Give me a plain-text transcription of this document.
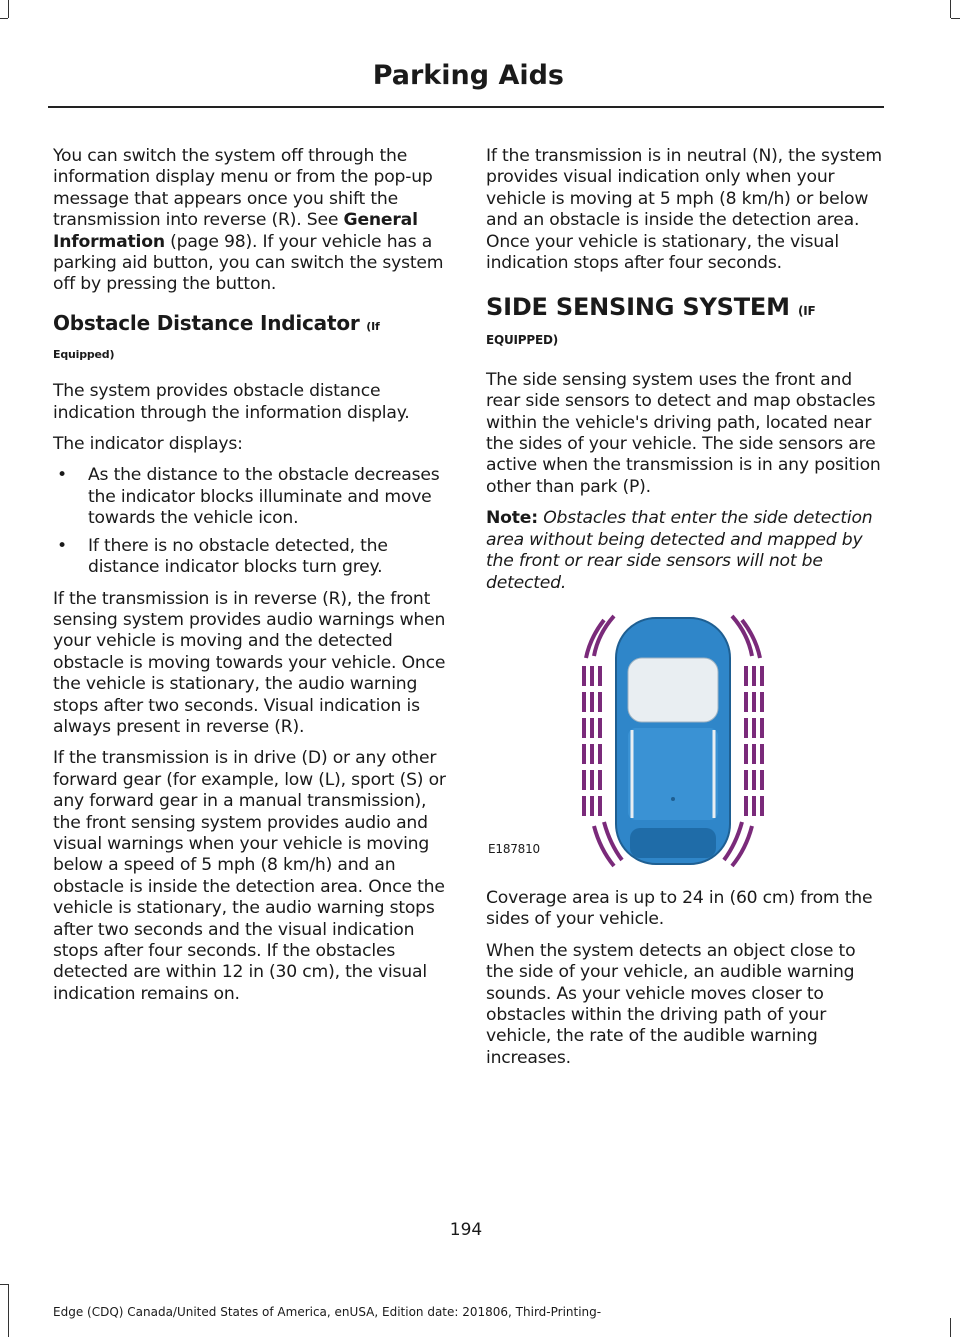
Parking Aids

You can switch the system off through the information display menu or from the pop-up message that appears once you shift the transmission into reverse (R). See General Information (page 98). If your vehicle has a parking aid button, you can switch the system off by pressing the button.

Obstacle Distance Indicator (If
Equipped)

The system provides obstacle distance indication through the information display.

The indicator displays:

• As the distance to the obstacle decreases the indicator blocks illuminate and move towards the vehicle icon.
• If there is no obstacle detected, the distance indicator blocks turn grey.

If the transmission is in reverse (R), the front sensing system provides audio warnings when your vehicle is moving and the detected obstacle is moving towards your vehicle. Once the vehicle is stationary, the audio warning stops after two seconds. Visual indication is always present in reverse (R).

If the transmission is in drive (D) or any other forward gear (for example, low (L), sport (S) or any forward gear in a manual transmission), the front sensing system provides audio and visual warnings when your vehicle is moving below a speed of 5 mph (8 km/h) and an obstacle is inside the detection area. Once the vehicle is stationary, the audio warning stops after two seconds and the visual indication stops after four seconds. If the obstacles detected are within 12 in (30 cm), the visual indication remains on.

If the transmission is in neutral (N), the system provides visual indication only when your vehicle is moving at 5 mph (8 km/h) or below and an obstacle is inside the detection area. Once your vehicle is stationary, the visual indication stops after four seconds.

SIDE SENSING SYSTEM (IF
EQUIPPED)

The side sensing system uses the front and rear side sensors to detect and map obstacles within the vehicle's driving path, located near the sides of your vehicle. The side sensors are active when the transmission is in any position other than park (P).

Note: Obstacles that enter the side detection area without being detected and mapped by the front or rear side sensors will not be detected.

E187810

Coverage area is up to 24 in (60 cm) from the sides of your vehicle.

When the system detects an object close to the side of your vehicle, an audible warning sounds. As your vehicle moves closer to obstacles within the driving path of your vehicle, the rate of the audible warning increases.

194
Edge (CDQ) Canada/United States of America, enUSA, Edition date: 201806, Third-Printing-
